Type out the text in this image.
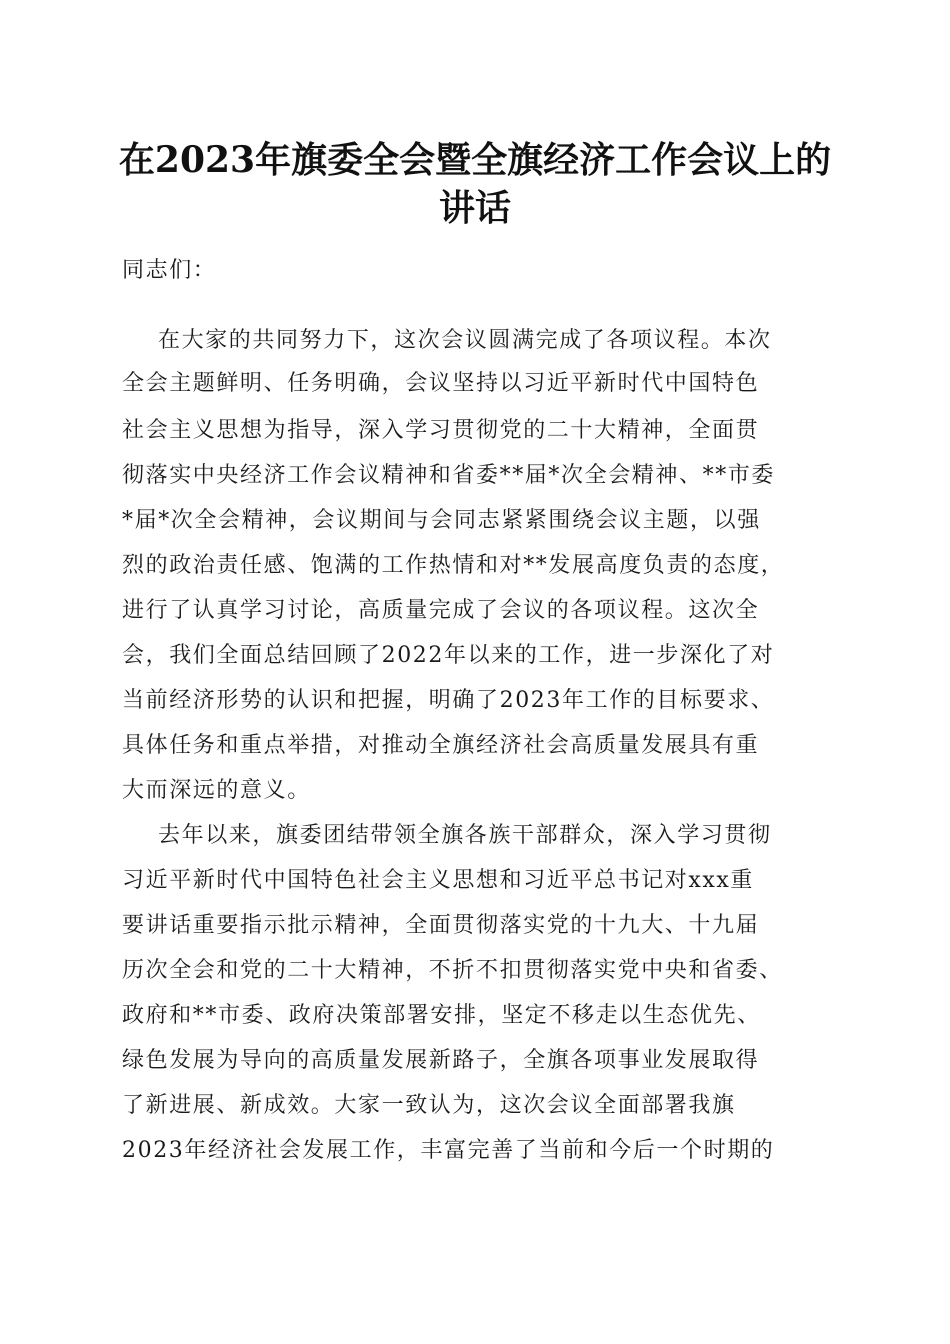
在2023年旗委全会暨全旗经济工作会议上的
讲话
同志们：
在大家的共同努力下，这次会议圆满完成了各项议程。本次
全会主题鲜明、任务明确，会议坚持以习近平新时代中国特色
社会主义思想为指导，深入学习贯彻党的二十大精神，全面贯
彻落实中央经济工作会议精神和省委**届*次全会精神、**市委
*届*次全会精神，会议期间与会同志紧紧围绕会议主题，以强
烈的政治责任感、饱满的工作热情和对**发展高度负责的态度，
进行了认真学习讨论，高质量完成了会议的各项议程。这次全
会，我们全面总结回顾了2022年以来的工作，进一步深化了对
当前经济形势的认识和把握，明确了2023年工作的目标要求、
具体任务和重点举措，对推动全旗经济社会高质量发展具有重
大而深远的意义。
去年以来，旗委团结带领全旗各族干部群众，深入学习贯彻
习近平新时代中国特色社会主义思想和习近平总书记对xxx重
要讲话重要指示批示精神，全面贯彻落实党的十九大、十九届
历次全会和党的二十大精神，不折不扣贯彻落实党中央和省委、
政府和**市委、政府决策部署安排，坚定不移走以生态优先、
绿色发展为导向的高质量发展新路子，全旗各项事业发展取得
了新进展、新成效。大家一致认为，这次会议全面部署我旗
2023年经济社会发展工作，丰富完善了当前和今后一个时期的
